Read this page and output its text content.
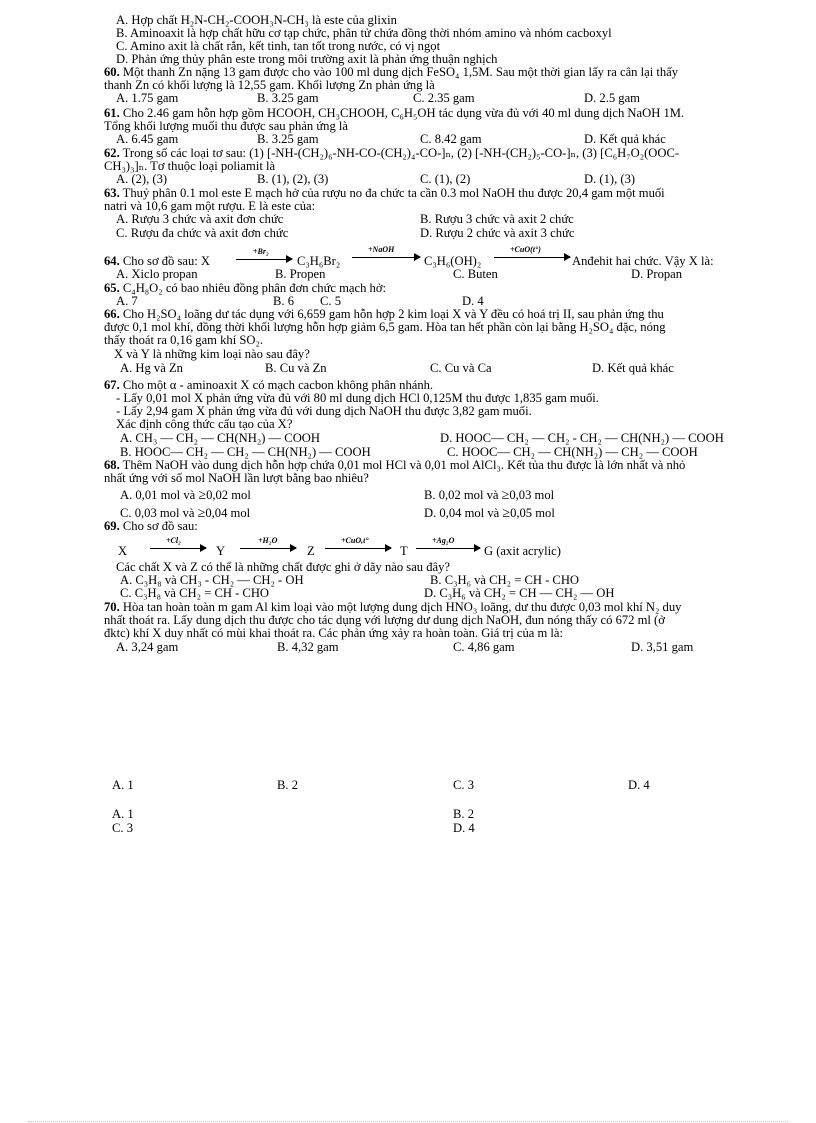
A. Hợp chất H₂N-CH₂-COOH₃N-CH₃ là este của glixin
B. Aminoaxit là hợp chất hữu cơ tạp chức, phân tử chứa đồng thời nhóm amino và nhóm cacboxyl
C. Amino axit là chất rắn, kết tinh, tan tốt trong nước, có vị ngọt
D. Phản ứng thủy phân este trong môi trường axit là phản ứng thuận nghịch
60. Một thanh Zn nặng 13 gam được cho vào 100 ml dung dịch FeSO₄ 1,5M. Sau một thời gian lấy ra cân lại thấy
thanh Zn có khối lượng là 12,55 gam. Khối lượng Zn phản ứng là
A. 1.75 gam	B. 3.25 gam	C. 2.35 gam	D. 2.5 gam
61. Cho 2.46 gam hỗn hợp gồm HCOOH, CH₃CHOOH, C₆H₅OH tác dụng vừa đủ với 40 ml dung dịch NaOH 1M.
Tổng khối lượng muối thu được sau phản ứng là
A. 6.45 gam	B. 3.25 gam	C. 8.42 gam	D. Kết quả khác
62. Trong số các loại tơ sau: (1) [-NH-(CH₂)₆-NH-CO-(CH₂)₄-CO-]ₙ, (2) [-NH-(CH₂)₅-CO-]ₙ, (3) [C₆H₇O₂(OOC-
CH₃)₃]ₙ. Tơ thuộc loại poliamit là
A. (2), (3)	B. (1), (2), (3)	C. (1), (2)	D. (1), (3)
63. Thuỷ phân 0.1 mol este E mạch hở của rượu no đa chức ta cần 0.3 mol NaOH thu được 20,4 gam một muối
natri và 10,6 gam một rượu. E là este của:
A. Rượu 3 chức và axit đơn chức	B. Rượu 3 chức và axit 2 chức
C. Rượu đa chức và axit đơn chức	D. Rượu 2 chức và axit 3 chức
64. Cho sơ đồ sau: X
+Br₂
C₃H₆Br₂
+NaOH
C₃H₆(OH)₂
+CuO(t°)
Anđehit hai chức. Vậy X là:
A. Xiclo propan	B. Propen	C. Buten	D. Propan
65. C₄H₈O₂ có bao nhiêu đồng phân đơn chức mạch hở:
A. 7	B. 6 C. 5	D. 4
66. Cho H₂SO₄ loãng dư tác dụng với 6,659 gam hỗn hợp 2 kim loại X và Y đều có hoá trị II, sau phản ứng thu
được 0,1 mol khí, đồng thời khối lượng hỗn hợp giảm 6,5 gam. Hòa tan hết phần còn lại bằng H₂SO₄ đặc, nóng
thấy thoát ra 0,16 gam khí SO₂.
X và Y là những kim loại nào sau đây?
A. Hg và Zn	B. Cu và Zn	C. Cu và Ca	D. Kết quả khác
67. Cho một α - aminoaxit X có mạch cacbon không phân nhánh.
- Lấy 0,01 mol X phản ứng vừa đủ với 80 ml dung dịch HCl 0,125M thu được 1,835 gam muối.
- Lấy 2,94 gam X phản ứng vừa đủ với dung dịch NaOH thu được 3,82 gam muối.
Xác định công thức cấu tạo của X?
A. CH₃ — CH₂ — CH(NH₂) — COOH	D. HOOC— CH₂ — CH₂ - CH₂ — CH(NH₂) — COOH
B. HOOC— CH₂ — CH₂ — CH(NH₂) — COOH	C. HOOC— CH₂ — CH(NH₂) — CH₂ — COOH
68. Thêm NaOH vào dung dịch hỗn hợp chứa 0,01 mol HCl và 0,01 mol AlCl₃. Kết tủa thu được là lớn nhất và nhỏ
nhất ứng với số mol NaOH lần lượt bằng bao nhiêu?
A. 0,01 mol và ≥0,02 mol	B. 0,02 mol và ≥0,03 mol
C. 0,03 mol và ≥0,04 mol	D. 0,04 mol và ≥0,05 mol
69. Cho sơ đồ sau:
X
+Cl₂
Y
+H₂O
Z
+CuO,t°
T
+Ag₂O
G (axit acrylic)
Các chất X và Z có thể là những chất được ghi ở dãy nào sau đây?
A. C₃H₈ và CH₃ - CH₂ — CH₂ - OH	B. C₃H₆ và CH₂ = CH - CHO
C. C₃H₈ và CH₂ = CH - CHO	D. C₃H₆ và CH₂ = CH — CH₂ — OH
70. Hòa tan hoàn toàn m gam Al kim loại vào một lượng dung dịch HNO₃ loãng, dư thu được 0,03 mol khí N₂ duy
nhất thoát ra. Lấy dung dịch thu được cho tác dụng với lượng dư dung dịch NaOH, đun nóng thấy có 672 ml (ở
đktc) khí X duy nhất có mùi khai thoát ra. Các phản ứng xảy ra hoàn toàn. Giá trị của m là:
A. 3,24 gam	B. 4,32 gam	C. 4,86 gam	D. 3,51 gam
A. 1	B. 2	C. 3	D. 4
A. 1	B. 2
C. 3	D. 4
